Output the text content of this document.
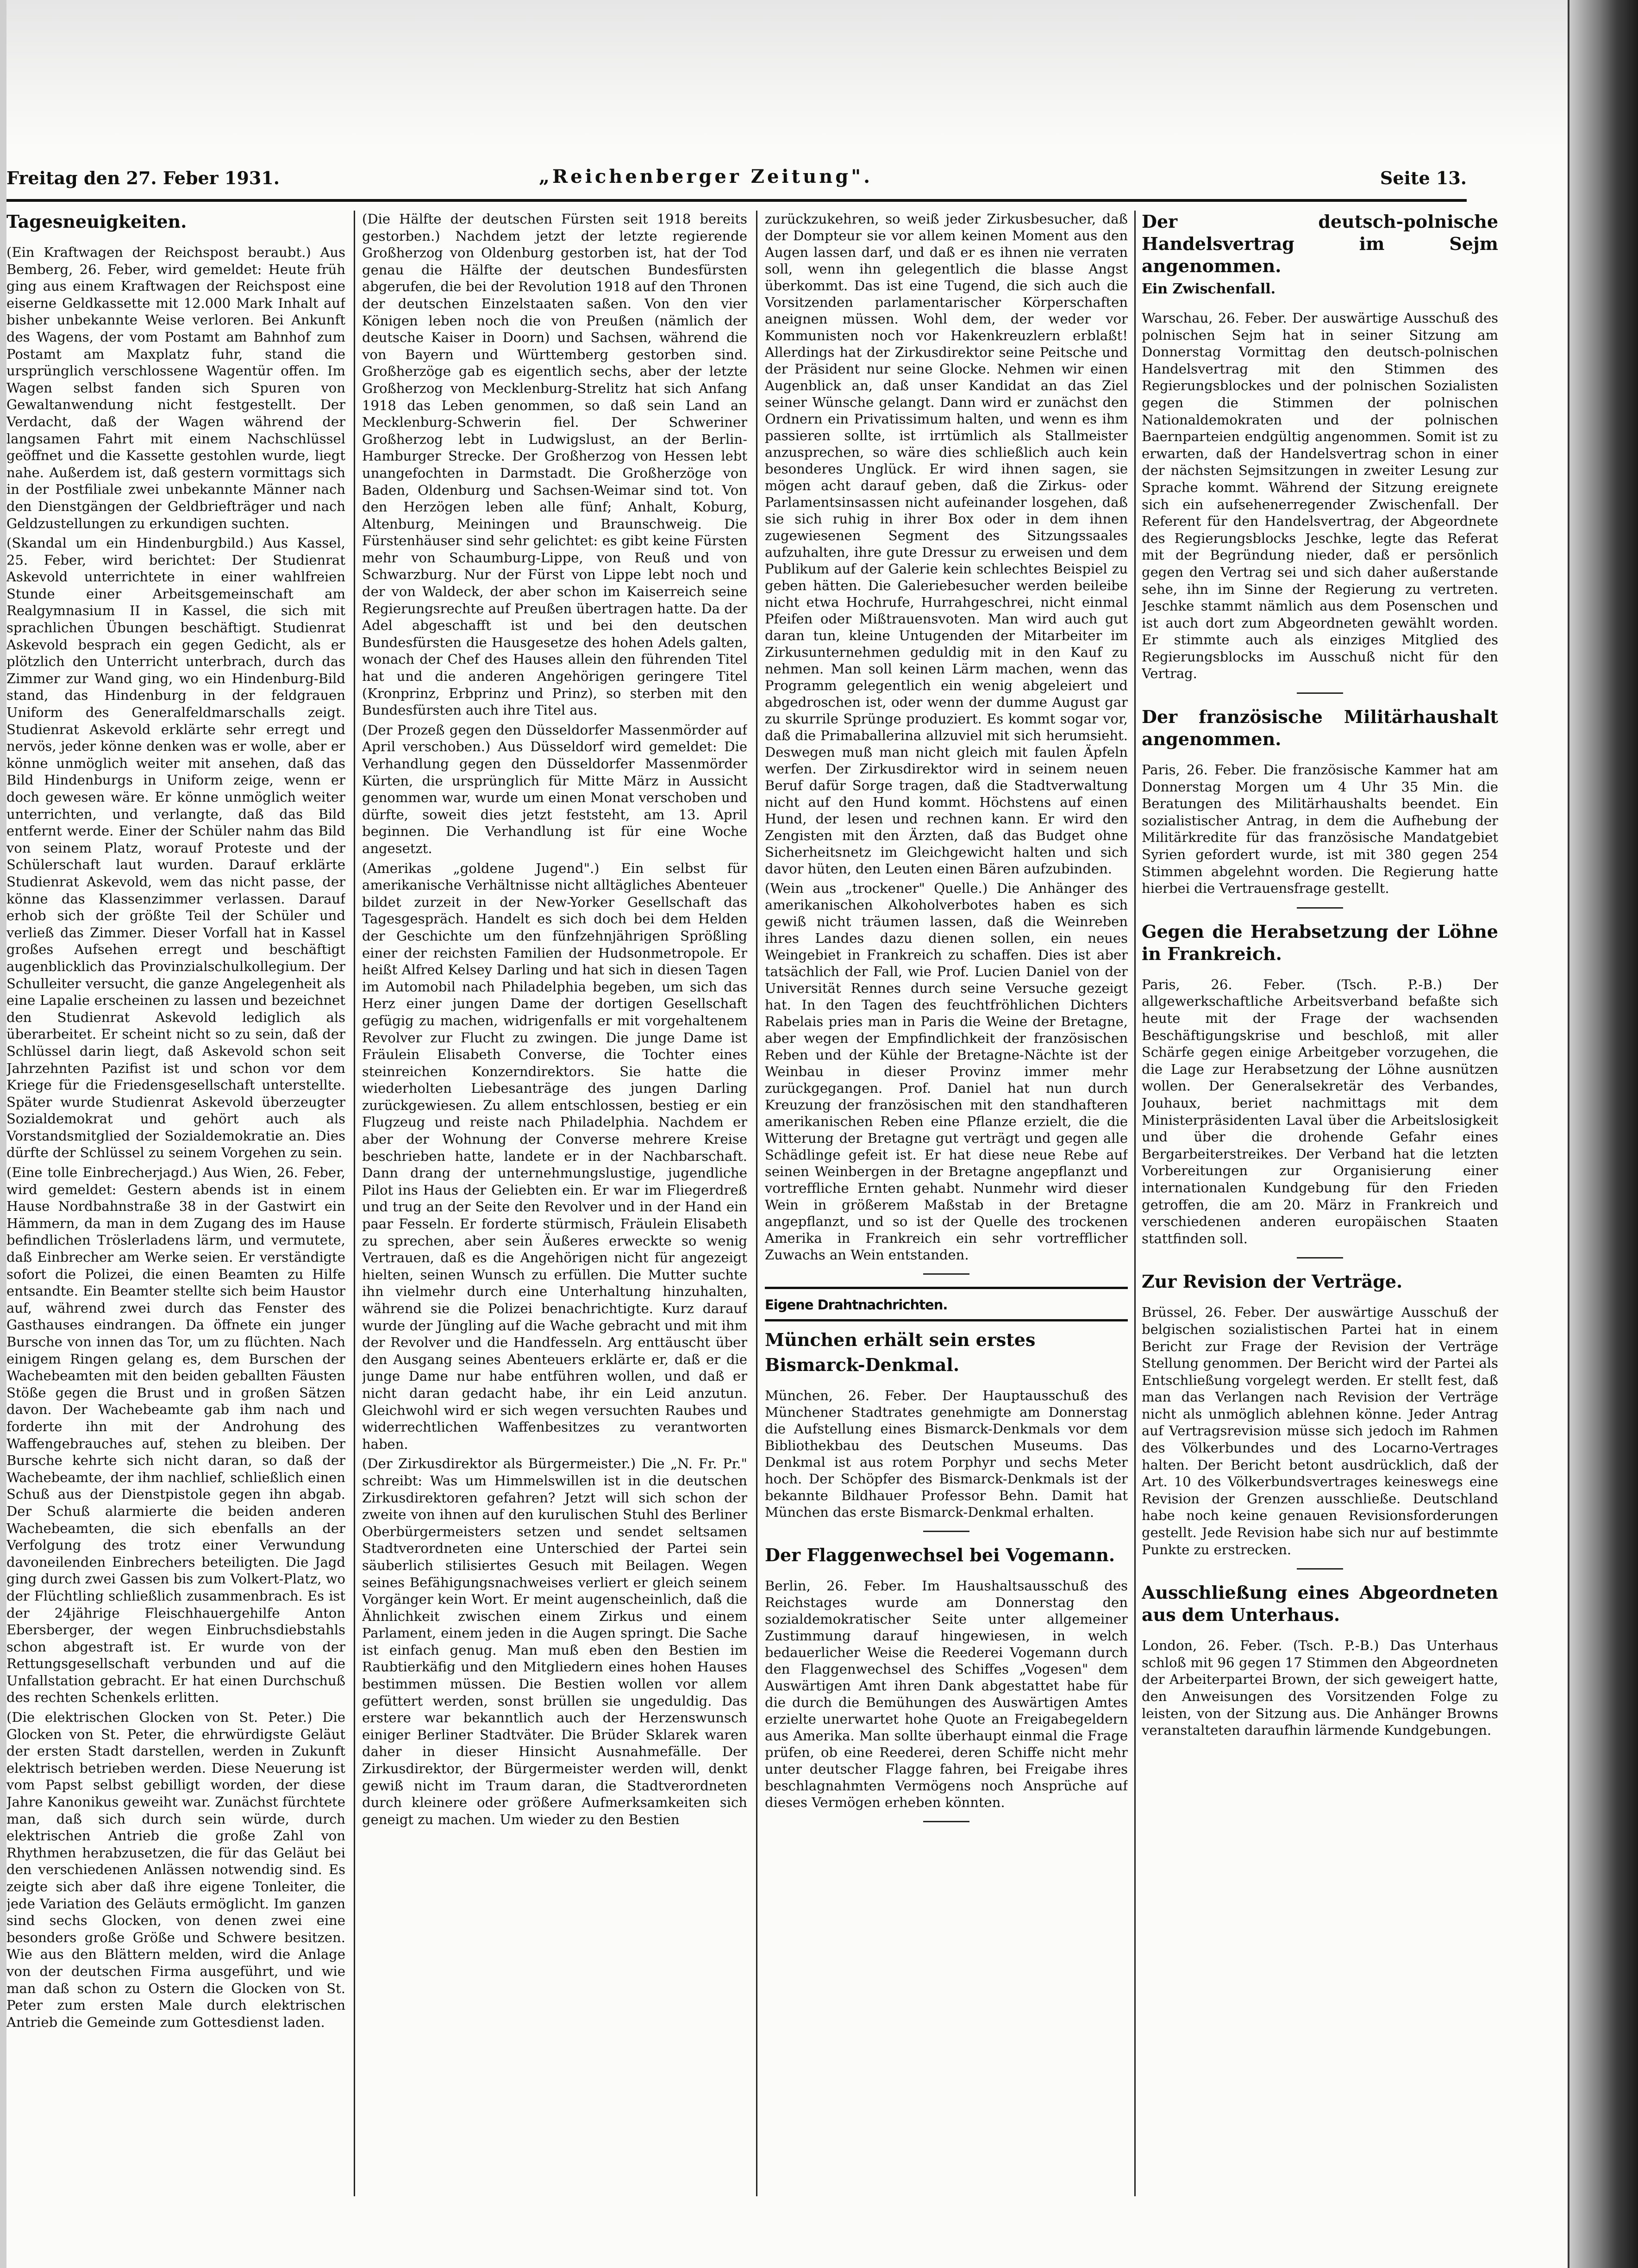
Freitag den 27. Feber 1931.	„Reichenberger Zeitung".	Seite 13.

Tagesneuigkeiten.

(Ein Kraftwagen der Reichspost beraubt.) Aus Bemberg, 26. Feber, wird gemeldet: Heute früh ging aus einem Kraftwagen der Reichspost eine eiserne Geldkassette mit 12.000 Mark Inhalt auf bisher unbekannte Weise verloren. Bei Ankunft des Wagens, der vom Postamt am Bahnhof zum Postamt am Maxplatz fuhr, stand die ursprünglich verschlossene Wagentür offen. Im Wagen selbst fanden sich Spuren von Gewaltanwendung nicht festgestellt. Der Verdacht, daß der Wagen während der langsamen Fahrt mit einem Nachschlüssel geöffnet und die Kassette gestohlen wurde, liegt nahe. Außerdem ist, daß gestern vormittags sich in der Postfiliale zwei unbekannte Männer nach den Dienstgängen der Geldbriefträger und nach Geldzustellungen zu erkundigen suchten.

(Skandal um ein Hindenburgbild.) Aus Kassel, 25. Feber, wird berichtet: Der Studienrat Askevold unterrichtete in einer wahlfreien Stunde einer Arbeitsgemeinschaft am Realgymnasium II in Kassel, die sich mit sprachlichen Übungen beschäftigt. Studienrat Askevold besprach ein gegen Gedicht, als er plötzlich den Unterricht unterbrach, durch das Zimmer zur Wand ging, wo ein Hindenburg-Bild stand, das Hindenburg in der feldgrauen Uniform des Generalfeldmarschalls zeigt. Studienrat Askevold erklärte sehr erregt und nervös, jeder könne denken was er wolle, aber er könne unmöglich weiter mit ansehen, daß das Bild Hindenburgs in Uniform zeige, wenn er doch gewesen wäre. Er könne unmöglich weiter unterrichten, und verlangte, daß das Bild entfernt werde. Einer der Schüler nahm das Bild von seinem Platz, worauf Proteste und der Schülerschaft laut wurden. Darauf erklärte Studienrat Askevold, wem das nicht passe, der könne das Klassenzimmer verlassen. Darauf erhob sich der größte Teil der Schüler und verließ das Zimmer. Dieser Vorfall hat in Kassel großes Aufsehen erregt und beschäftigt augenblicklich das Provinzialschulkollegium. Der Schulleiter versucht, die ganze Angelegenheit als eine Lapalie erscheinen zu lassen und bezeichnet den Studienrat Askevold lediglich als überarbeitet. Er scheint nicht so zu sein, daß der Schlüssel darin liegt, daß Askevold schon seit Jahrzehnten Pazifist ist und schon vor dem Kriege für die Friedensgesellschaft unterstellte. Später wurde Studienrat Askevold überzeugter Sozialdemokrat und gehört auch als Vorstandsmitglied der Sozialdemokratie an. Dies dürfte der Schlüssel zu seinem Vorgehen zu sein.

(Eine tolle Einbrecherjagd.) Aus Wien, 26. Feber, wird gemeldet: Gestern abends ist in einem Hause Nordbahnstraße 38 in der Gastwirt ein Hämmern, da man in dem Zugang des im Hause befindlichen Tröslerladens lärm, und vermutete, daß Einbrecher am Werke seien. Er verständigte sofort die Polizei, die einen Beamten zu Hilfe entsandte. Ein Beamter stellte sich beim Haustor auf, während zwei durch das Fenster des Gasthauses eindrangen. Da öffnete ein junger Bursche von innen das Tor, um zu flüchten. Nach einigem Ringen gelang es, dem Burschen der Wachebeamten mit den beiden geballten Fäusten Stöße gegen die Brust und in großen Sätzen davon. Der Wachebeamte gab ihm nach und forderte ihn mit der Androhung des Waffengebrauches auf, stehen zu bleiben. Der Bursche kehrte sich nicht daran, so daß der Wachebeamte, der ihm nachlief, schließlich einen Schuß aus der Dienstpistole gegen ihn abgab. Der Schuß alarmierte die beiden anderen Wachebeamten, die sich ebenfalls an der Verfolgung des trotz einer Verwundung davoneilenden Einbrechers beteiligten. Die Jagd ging durch zwei Gassen bis zum Volkert-Platz, wo der Flüchtling schließlich zusammenbrach. Es ist der 24jährige Fleischhauergehilfe Anton Ebersberger, der wegen Einbruchsdiebstahls schon abgestraft ist. Er wurde von der Rettungsgesellschaft verbunden und auf die Unfallstation gebracht. Er hat einen Durchschuß des rechten Schenkels erlitten.

(Die elektrischen Glocken von St. Peter.) Die Glocken von St. Peter, die ehrwürdigste Geläut der ersten Stadt darstellen, werden in Zukunft elektrisch betrieben werden. Diese Neuerung ist vom Papst selbst gebilligt worden, der diese Jahre Kanonikus geweiht war. Zunächst fürchtete man, daß sich durch sein würde, durch elektrischen Antrieb die große Zahl von Rhythmen herabzusetzen, die für das Geläut bei den verschiedenen Anlässen notwendig sind. Es zeigte sich aber daß ihre eigene Tonleiter, die jede Variation des Geläuts ermöglicht. Im ganzen sind sechs Glocken, von denen zwei eine besonders große Größe und Schwere besitzen. Wie aus den Blättern melden, wird die Anlage von der deutschen Firma ausgeführt, und wie man daß schon zu Ostern die Glocken von St. Peter zum ersten Male durch elektrischen Antrieb die Gemeinde zum Gottesdienst laden.

(Die Hälfte der deutschen Fürsten seit 1918 bereits gestorben.) Nachdem jetzt der letzte regierende Großherzog von Oldenburg gestorben ist, hat der Tod genau die Hälfte der deutschen Bundesfürsten abgerufen, die bei der Revolution 1918 auf den Thronen der deutschen Einzelstaaten saßen. Von den vier Königen leben noch die von Preußen (nämlich der deutsche Kaiser in Doorn) und Sachsen, während die von Bayern und Württemberg gestorben sind. Großherzöge gab es eigentlich sechs, aber der letzte Großherzog von Mecklenburg-Strelitz hat sich Anfang 1918 das Leben genommen, so daß sein Land an Mecklenburg-Schwerin fiel. Der Schweriner Großherzog lebt in Ludwigslust, an der Berlin-Hamburger Strecke. Der Großherzog von Hessen lebt unangefochten in Darmstadt. Die Großherzöge von Baden, Oldenburg und Sachsen-Weimar sind tot. Von den Herzögen leben alle fünf; Anhalt, Koburg, Altenburg, Meiningen und Braunschweig. Die Fürstenhäuser sind sehr gelichtet: es gibt keine Fürsten mehr von Schaumburg-Lippe, von Reuß und von Schwarzburg. Nur der Fürst von Lippe lebt noch und der von Waldeck, der aber schon im Kaiserreich seine Regierungsrechte auf Preußen übertragen hatte. Da der Adel abgeschafft ist und bei den deutschen Bundesfürsten die Hausgesetze des hohen Adels galten, wonach der Chef des Hauses allein den führenden Titel hat und die anderen Angehörigen geringere Titel (Kronprinz, Erbprinz und Prinz), so sterben mit den Bundesfürsten auch ihre Titel aus.

(Der Prozeß gegen den Düsseldorfer Massenmörder auf April verschoben.) Aus Düsseldorf wird gemeldet: Die Verhandlung gegen den Düsseldorfer Massenmörder Kürten, die ursprünglich für Mitte März in Aussicht genommen war, wurde um einen Monat verschoben und dürfte, soweit dies jetzt feststeht, am 13. April beginnen. Die Verhandlung ist für eine Woche angesetzt.

(Amerikas „goldene Jugend".) Ein selbst für amerikanische Verhältnisse nicht alltägliches Abenteuer bildet zurzeit in der New-Yorker Gesellschaft das Tagesgespräch. Handelt es sich doch bei dem Helden der Geschichte um den fünfzehnjährigen Sprößling einer der reichsten Familien der Hudsonmetropole. Er heißt Alfred Kelsey Darling und hat sich in diesen Tagen im Automobil nach Philadelphia begeben, um sich das Herz einer jungen Dame der dortigen Gesellschaft gefügig zu machen, widrigenfalls er mit vorgehaltenem Revolver zur Flucht zu zwingen. Die junge Dame ist Fräulein Elisabeth Converse, die Tochter eines steinreichen Konzerndirektors. Sie hatte die wiederholten Liebesanträge des jungen Darling zurückgewiesen. Zu allem entschlossen, bestieg er ein Flugzeug und reiste nach Philadelphia. Nachdem er aber der Wohnung der Converse mehrere Kreise beschrieben hatte, landete er in der Nachbarschaft. Dann drang der unternehmungslustige, jugendliche Pilot ins Haus der Geliebten ein. Er war im Fliegerdreß und trug an der Seite den Revolver und in der Hand ein paar Fesseln. Er forderte stürmisch, Fräulein Elisabeth zu sprechen, aber sein Äußeres erweckte so wenig Vertrauen, daß es die Angehörigen nicht für angezeigt hielten, seinen Wunsch zu erfüllen. Die Mutter suchte ihn vielmehr durch eine Unterhaltung hinzuhalten, während sie die Polizei benachrichtigte. Kurz darauf wurde der Jüngling auf die Wache gebracht und mit ihm der Revolver und die Handfesseln. Arg enttäuscht über den Ausgang seines Abenteuers erklärte er, daß er die junge Dame nur habe entführen wollen, und daß er nicht daran gedacht habe, ihr ein Leid anzutun. Gleichwohl wird er sich wegen versuchten Raubes und widerrechtlichen Waffenbesitzes zu verantworten haben.

(Der Zirkusdirektor als Bürgermeister.) Die „N. Fr. Pr." schreibt: Was um Himmelswillen ist in die deutschen Zirkusdirektoren gefahren? Jetzt will sich schon der zweite von ihnen auf den kurulischen Stuhl des Berliner Oberbürgermeisters setzen und sendet seltsamen Stadtverordneten eine Unterschied der Partei sein säuberlich stilisiertes Gesuch mit Beilagen. Wegen seines Befähigungsnachweises verliert er gleich seinem Vorgänger kein Wort. Er meint augenscheinlich, daß die Ähnlichkeit zwischen einem Zirkus und einem Parlament, einem jeden in die Augen springt. Die Sache ist einfach genug. Man muß eben den Bestien im Raubtierkäfig und den Mitgliedern eines hohen Hauses bestimmen müssen. Die Bestien wollen vor allem gefüttert werden, sonst brüllen sie ungeduldig. Das erstere war bekanntlich auch der Herzenswunsch einiger Berliner Stadtväter. Die Brüder Sklarek waren daher in dieser Hinsicht Ausnahmefälle. Der Zirkusdirektor, der Bürgermeister werden will, denkt gewiß nicht im Traum daran, die Stadtverordneten durch kleinere oder größere Aufmerksamkeiten sich geneigt zu machen. Um wieder zu den Bestien

zurückzukehren, so weiß jeder Zirkusbesucher, daß der Dompteur sie vor allem keinen Moment aus den Augen lassen darf, und daß er es ihnen nie verraten soll, wenn ihn gelegentlich die blasse Angst überkommt. Das ist eine Tugend, die sich auch die Vorsitzenden parlamentarischer Körperschaften aneignen müssen. Wohl dem, der weder vor Kommunisten noch vor Hakenkreuzlern erblaßt! Allerdings hat der Zirkusdirektor seine Peitsche und der Präsident nur seine Glocke. Nehmen wir einen Augenblick an, daß unser Kandidat an das Ziel seiner Wünsche gelangt. Dann wird er zunächst den Ordnern ein Privatissimum halten, und wenn es ihm passieren sollte, ist irrtümlich als Stallmeister anzusprechen, so wäre dies schließlich auch kein besonderes Unglück. Er wird ihnen sagen, sie mögen acht darauf geben, daß die Zirkus- oder Parlamentsinsassen nicht aufeinander losgehen, daß sie sich ruhig in ihrer Box oder in dem ihnen zugewiesenen Segment des Sitzungssaales aufzuhalten, ihre gute Dressur zu erweisen und dem Publikum auf der Galerie kein schlechtes Beispiel zu geben hätten. Die Galeriebesucher werden beileibe nicht etwa Hochrufe, Hurrahgeschrei, nicht einmal Pfeifen oder Mißtrauensvoten. Man wird auch gut daran tun, kleine Untugenden der Mitarbeiter im Zirkusunternehmen geduldig mit in den Kauf zu nehmen. Man soll keinen Lärm machen, wenn das Programm gelegentlich ein wenig abgeleiert und abgedroschen ist, oder wenn der dumme August gar zu skurrile Sprünge produziert. Es kommt sogar vor, daß die Primaballerina allzuviel mit sich herumsieht. Deswegen muß man nicht gleich mit faulen Äpfeln werfen. Der Zirkusdirektor wird in seinem neuen Beruf dafür Sorge tragen, daß die Stadtverwaltung nicht auf den Hund kommt. Höchstens auf einen Hund, der lesen und rechnen kann. Er wird den Zengisten mit den Ärzten, daß das Budget ohne Sicherheitsnetz im Gleichgewicht halten und sich davor hüten, den Leuten einen Bären aufzubinden.

(Wein aus „trockener" Quelle.) Die Anhänger des amerikanischen Alkoholverbotes haben es sich gewiß nicht träumen lassen, daß die Weinreben ihres Landes dazu dienen sollen, ein neues Weingebiet in Frankreich zu schaffen. Dies ist aber tatsächlich der Fall, wie Prof. Lucien Daniel von der Universität Rennes durch seine Versuche gezeigt hat. In den Tagen des feuchtfröhlichen Dichters Rabelais pries man in Paris die Weine der Bretagne, aber wegen der Empfindlichkeit der französischen Reben und der Kühle der Bretagne-Nächte ist der Weinbau in dieser Provinz immer mehr zurückgegangen. Prof. Daniel hat nun durch Kreuzung der französischen mit den standhafteren amerikanischen Reben eine Pflanze erzielt, die die Witterung der Bretagne gut verträgt und gegen alle Schädlinge gefeit ist. Er hat diese neue Rebe auf seinen Weinbergen in der Bretagne angepflanzt und vortreffliche Ernten gehabt. Nunmehr wird dieser Wein in größerem Maßstab in der Bretagne angepflanzt, und so ist der Quelle des trockenen Amerika in Frankreich ein sehr vortrefflicher Zuwachs an Wein entstanden.

Eigene Drahtnachrichten.

München erhält sein erstes

Bismarck-Denkmal.

München, 26. Feber. Der Hauptausschuß des Münchener Stadtrates genehmigte am Donnerstag die Aufstellung eines Bismarck-Denkmals vor dem Bibliothekbau des Deutschen Museums. Das Denkmal ist aus rotem Porphyr und sechs Meter hoch. Der Schöpfer des Bismarck-Denkmals ist der bekannte Bildhauer Professor Behn. Damit hat München das erste Bismarck-Denkmal erhalten.

Der Flaggenwechsel bei Vogemann.

Berlin, 26. Feber. Im Haushaltsausschuß des Reichstages wurde am Donnerstag den sozialdemokratischer Seite unter allgemeiner Zustimmung darauf hingewiesen, in welch bedauerlicher Weise die Reederei Vogemann durch den Flaggenwechsel des Schiffes „Vogesen" dem Auswärtigen Amt ihren Dank abgestattet habe für die durch die Bemühungen des Auswärtigen Amtes erzielte unerwartet hohe Quote an Freigabegeldern aus Amerika. Man sollte überhaupt einmal die Frage prüfen, ob eine Reederei, deren Schiffe nicht mehr unter deutscher Flagge fahren, bei Freigabe ihres beschlagnahmten Vermögens noch Ansprüche auf dieses Vermögen erheben könnten.

Der deutsch-polnische Handelsvertrag im Sejm angenommen.

Ein Zwischenfall.

Warschau, 26. Feber. Der auswärtige Ausschuß des polnischen Sejm hat in seiner Sitzung am Donnerstag Vormittag den deutsch-polnischen Handelsvertrag mit den Stimmen des Regierungsblockes und der polnischen Sozialisten gegen die Stimmen der polnischen Nationaldemokraten und der polnischen Baernparteien endgültig angenommen. Somit ist zu erwarten, daß der Handelsvertrag schon in einer der nächsten Sejmsitzungen in zweiter Lesung zur Sprache kommt. Während der Sitzung ereignete sich ein aufsehenerregender Zwischenfall. Der Referent für den Handelsvertrag, der Abgeordnete des Regierungsblocks Jeschke, legte das Referat mit der Begründung nieder, daß er persönlich gegen den Vertrag sei und sich daher außerstande sehe, ihn im Sinne der Regierung zu vertreten. Jeschke stammt nämlich aus dem Posenschen und ist auch dort zum Abgeordneten gewählt worden. Er stimmte auch als einziges Mitglied des Regierungsblocks im Ausschuß nicht für den Vertrag.

Der französische Militärhaushalt angenommen.

Paris, 26. Feber. Die französische Kammer hat am Donnerstag Morgen um 4 Uhr 35 Min. die Beratungen des Militärhaushalts beendet. Ein sozialistischer Antrag, in dem die Aufhebung der Militärkredite für das französische Mandatgebiet Syrien gefordert wurde, ist mit 380 gegen 254 Stimmen abgelehnt worden. Die Regierung hatte hierbei die Vertrauensfrage gestellt.

Gegen die Herabsetzung der Löhne in Frankreich.

Paris, 26. Feber. (Tsch. P.-B.) Der allgewerkschaftliche Arbeitsverband befaßte sich heute mit der Frage der wachsenden Beschäftigungskrise und beschloß, mit aller Schärfe gegen einige Arbeitgeber vorzugehen, die die Lage zur Herabsetzung der Löhne ausnützen wollen. Der Generalsekretär des Verbandes, Jouhaux, beriet nachmittags mit dem Ministerpräsidenten Laval über die Arbeitslosigkeit und über die drohende Gefahr eines Bergarbeiterstreikes. Der Verband hat die letzten Vorbereitungen zur Organisierung einer internationalen Kundgebung für den Frieden getroffen, die am 20. März in Frankreich und verschiedenen anderen europäischen Staaten stattfinden soll.

Zur Revision der Verträge.

Brüssel, 26. Feber. Der auswärtige Ausschuß der belgischen sozialistischen Partei hat in einem Bericht zur Frage der Revision der Verträge Stellung genommen. Der Bericht wird der Partei als Entschließung vorgelegt werden. Er stellt fest, daß man das Verlangen nach Revision der Verträge nicht als unmöglich ablehnen könne. Jeder Antrag auf Vertragsrevision müsse sich jedoch im Rahmen des Völkerbundes und des Locarno-Vertrages halten. Der Bericht betont ausdrücklich, daß der Art. 10 des Völkerbundsvertrages keineswegs eine Revision der Grenzen ausschließe. Deutschland habe noch keine genauen Revisionsforderungen gestellt. Jede Revision habe sich nur auf bestimmte Punkte zu erstrecken.

Ausschließung eines Abgeordneten aus dem Unterhaus.

London, 26. Feber. (Tsch. P.-B.) Das Unterhaus schloß mit 96 gegen 17 Stimmen den Abgeordneten der Arbeiterpartei Brown, der sich geweigert hatte, den Anweisungen des Vorsitzenden Folge zu leisten, von der Sitzung aus. Die Anhänger Browns veranstalteten daraufhin lärmende Kundgebungen.
